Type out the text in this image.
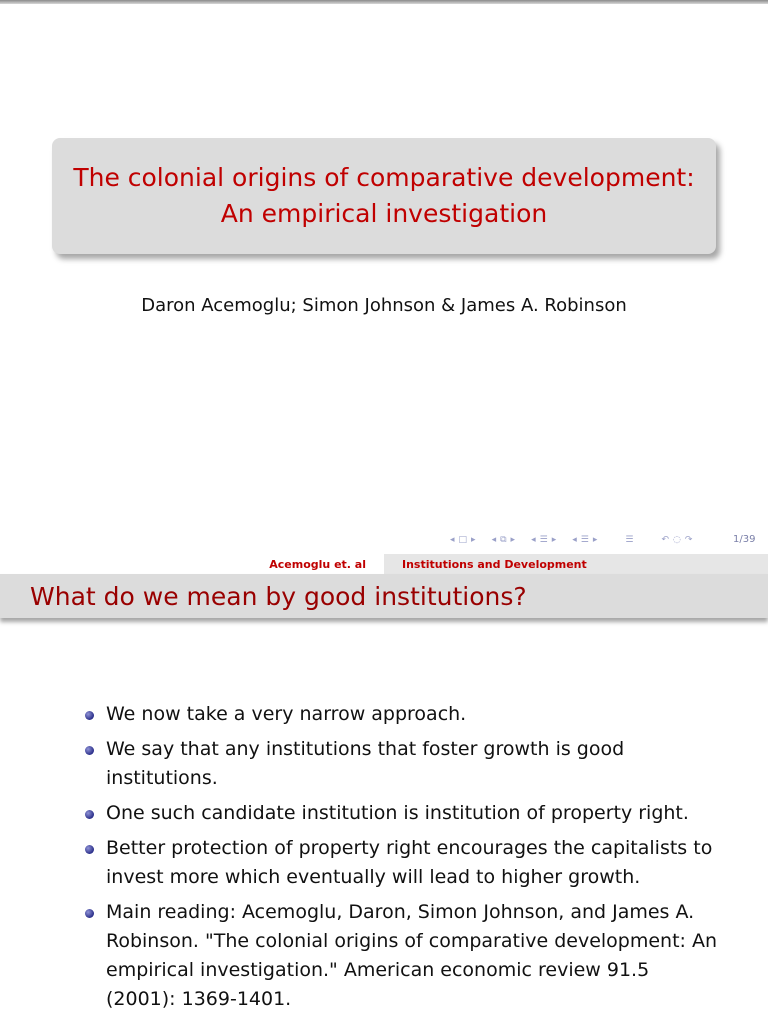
The colonial origins of comparative development:
An empirical investigation
Daron Acemoglu; Simon Johnson & James A. Robinson
◂ □ ▸ ◂ ⧉ ▸ ◂ ☰ ▸ ◂ ☰ ▸	☰	↶ ◌ ↷	1/39
Acemoglu et. al	Institutions and Development
What do we mean by good institutions?
We now take a very narrow approach.
We say that any institutions that foster growth is good institutions.
One such candidate institution is institution of property right.
Better protection of property right encourages the capitalists to invest more which eventually will lead to higher growth.
Main reading: Acemoglu, Daron, Simon Johnson, and James A. Robinson. "The colonial origins of comparative development: An empirical investigation." American economic review 91.5 (2001): 1369-1401.
